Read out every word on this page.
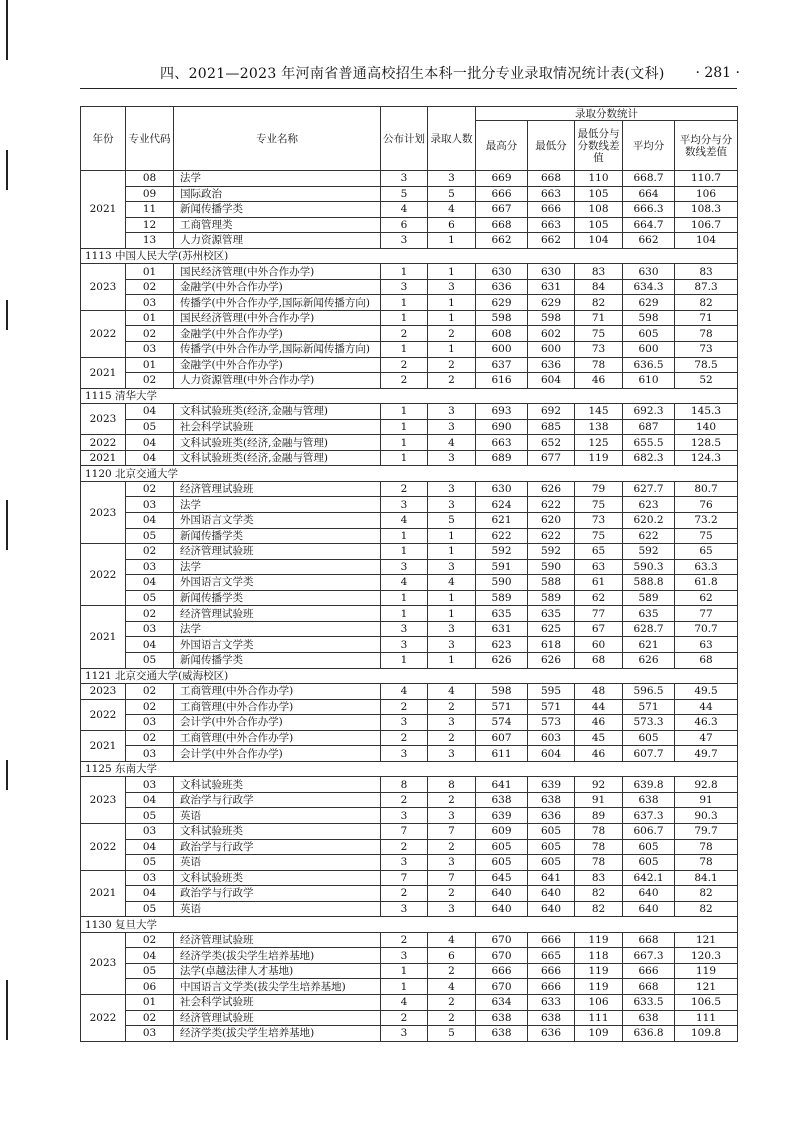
四、2021—2023 年河南省普通高校招生本科一批分专业录取情况统计表(文科) · 281 ·
年份	专业代码	专业名称	公布计划	录取人数	录取分数统计				
					最高分	最低分	最低分与分数线差值	平均分	平均分与分数线差值
2021	08	法学	3	3	669	668	110	668.7	110.7
	09	国际政治	5	5	666	663	105	664	106
	11	新闻传播学类	4	4	667	666	108	666.3	108.3
	12	工商管理类	6	6	668	663	105	664.7	106.7
	13	人力资源管理	3	1	662	662	104	662	104
1113 中国人民大学(苏州校区)									
2023	01	国民经济管理(中外合作办学)	1	1	630	630	83	630	83
	02	金融学(中外合作办学)	3	3	636	631	84	634.3	87.3
	03	传播学(中外合作办学,国际新闻传播方向)	1	1	629	629	82	629	82
2022	01	国民经济管理(中外合作办学)	1	1	598	598	71	598	71
	02	金融学(中外合作办学)	2	2	608	602	75	605	78
	03	传播学(中外合作办学,国际新闻传播方向)	1	1	600	600	73	600	73
2021	01	金融学(中外合作办学)	2	2	637	636	78	636.5	78.5
	02	人力资源管理(中外合作办学)	2	2	616	604	46	610	52
1115 清华大学									
2023	04	文科试验班类(经济,金融与管理)	1	3	693	692	145	692.3	145.3
	05	社会科学试验班	1	3	690	685	138	687	140
2022	04	文科试验班类(经济,金融与管理)	1	4	663	652	125	655.5	128.5
2021	04	文科试验班类(经济,金融与管理)	1	3	689	677	119	682.3	124.3
1120 北京交通大学									
2023	02	经济管理试验班	2	3	630	626	79	627.7	80.7
	03	法学	3	3	624	622	75	623	76
	04	外国语言文学类	4	5	621	620	73	620.2	73.2
	05	新闻传播学类	1	1	622	622	75	622	75
2022	02	经济管理试验班	1	1	592	592	65	592	65
	03	法学	3	3	591	590	63	590.3	63.3
	04	外国语言文学类	4	4	590	588	61	588.8	61.8
	05	新闻传播学类	1	1	589	589	62	589	62
2021	02	经济管理试验班	1	1	635	635	77	635	77
	03	法学	3	3	631	625	67	628.7	70.7
	04	外国语言文学类	3	3	623	618	60	621	63
	05	新闻传播学类	1	1	626	626	68	626	68
1121 北京交通大学(威海校区)									
2023	02	工商管理(中外合作办学)	4	4	598	595	48	596.5	49.5
2022	02	工商管理(中外合作办学)	2	2	571	571	44	571	44
	03	会计学(中外合作办学)	3	3	574	573	46	573.3	46.3
2021	02	工商管理(中外合作办学)	2	2	607	603	45	605	47
	03	会计学(中外合作办学)	3	3	611	604	46	607.7	49.7
1125 东南大学									
2023	03	文科试验班类	8	8	641	639	92	639.8	92.8
	04	政治学与行政学	2	2	638	638	91	638	91
	05	英语	3	3	639	636	89	637.3	90.3
2022	03	文科试验班类	7	7	609	605	78	606.7	79.7
	04	政治学与行政学	2	2	605	605	78	605	78
	05	英语	3	3	605	605	78	605	78
2021	03	文科试验班类	7	7	645	641	83	642.1	84.1
	04	政治学与行政学	2	2	640	640	82	640	82
	05	英语	3	3	640	640	82	640	82
1130 复旦大学									
2023	02	经济管理试验班	2	4	670	666	119	668	121
	04	经济学类(拔尖学生培养基地)	3	6	670	665	118	667.3	120.3
	05	法学(卓越法律人才基地)	1	2	666	666	119	666	119
	06	中国语言文学类(拔尖学生培养基地)	1	4	670	666	119	668	121
2022	01	社会科学试验班	4	2	634	633	106	633.5	106.5
	02	经济管理试验班	2	2	638	638	111	638	111
	03	经济学类(拔尖学生培养基地)	3	5	638	636	109	636.8	109.8
